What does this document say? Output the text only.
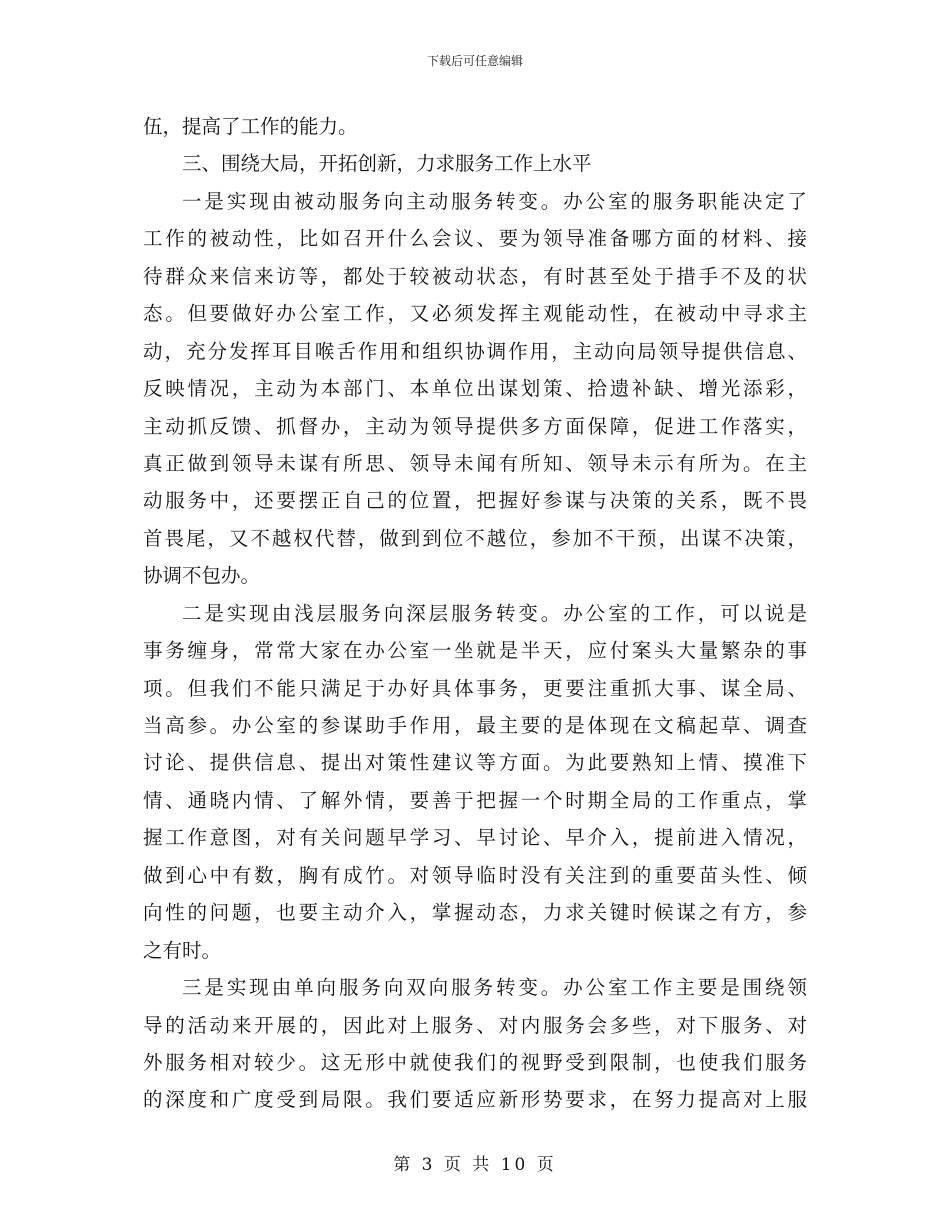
下载后可任意编辑
伍，提高了工作的能力。
三、围绕大局，开拓创新，力求服务工作上水平
一是实现由被动服务向主动服务转变。办公室的服务职能决定了
工作的被动性，比如召开什么会议、要为领导准备哪方面的材料、接
待群众来信来访等，都处于较被动状态，有时甚至处于措手不及的状
态。但要做好办公室工作，又必须发挥主观能动性，在被动中寻求主
动，充分发挥耳目喉舌作用和组织协调作用，主动向局领导提供信息、
反映情况，主动为本部门、本单位出谋划策、拾遗补缺、增光添彩，
主动抓反馈、抓督办，主动为领导提供多方面保障，促进工作落实，
真正做到领导未谋有所思、领导未闻有所知、领导未示有所为。在主
动服务中，还要摆正自己的位置，把握好参谋与决策的关系，既不畏
首畏尾，又不越权代替，做到到位不越位，参加不干预，出谋不决策，
协调不包办。
二是实现由浅层服务向深层服务转变。办公室的工作，可以说是
事务缠身，常常大家在办公室一坐就是半天，应付案头大量繁杂的事
项。但我们不能只满足于办好具体事务，更要注重抓大事、谋全局、
当高参。办公室的参谋助手作用，最主要的是体现在文稿起草、调查
讨论、提供信息、提出对策性建议等方面。为此要熟知上情、摸准下
情、通晓内情、了解外情，要善于把握一个时期全局的工作重点，掌
握工作意图，对有关问题早学习、早讨论、早介入，提前进入情况，
做到心中有数，胸有成竹。对领导临时没有关注到的重要苗头性、倾
向性的问题，也要主动介入，掌握动态，力求关键时候谋之有方，参
之有时。
三是实现由单向服务向双向服务转变。办公室工作主要是围绕领
导的活动来开展的，因此对上服务、对内服务会多些，对下服务、对
外服务相对较少。这无形中就使我们的视野受到限制，也使我们服务
的深度和广度受到局限。我们要适应新形势要求，在努力提高对上服
第 3 页 共 10 页
